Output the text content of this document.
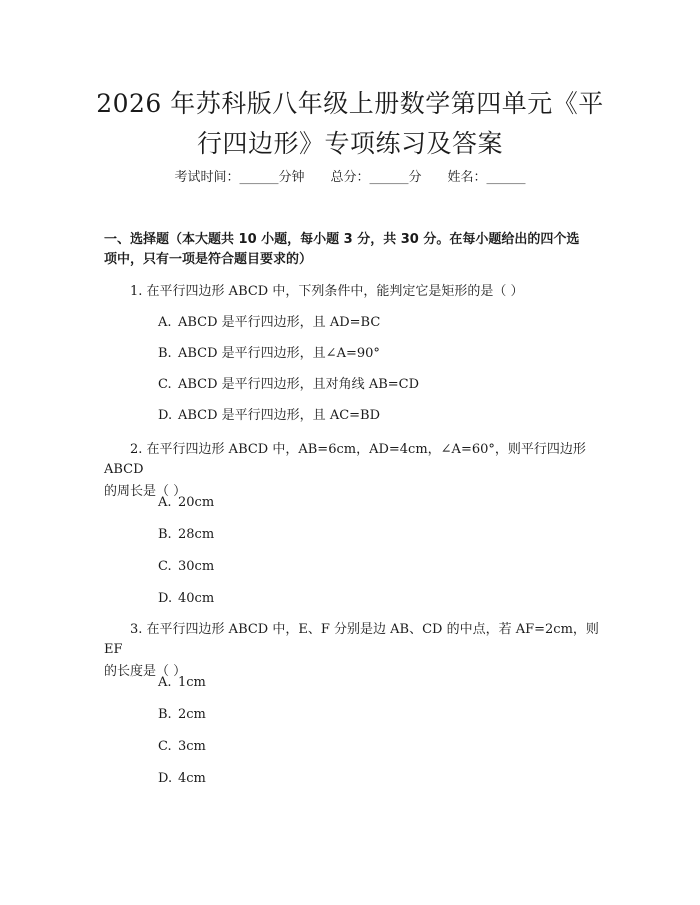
2026 年苏科版八年级上册数学第四单元《平
行四边形》专项练习及答案
考试时间：______分钟 总分：______分 姓名：______
一、选择题（本大题共 10 小题，每小题 3 分，共 30 分。在每小题给出的四个选
项中，只有一项是符合题目要求的）
1. 在平行四边形 ABCD 中，下列条件中，能判定它是矩形的是（ ）
A. ABCD 是平行四边形，且 AD=BC
B. ABCD 是平行四边形，且∠A=90°
C. ABCD 是平行四边形，且对角线 AB=CD
D. ABCD 是平行四边形，且 AC=BD
2. 在平行四边形 ABCD 中，AB=6cm，AD=4cm，∠A=60°，则平行四边形 ABCD
的周长是（ ）
A. 20cm
B. 28cm
C. 30cm
D. 40cm
3. 在平行四边形 ABCD 中，E、F 分别是边 AB、CD 的中点，若 AF=2cm，则 EF
的长度是（ ）
A. 1cm
B. 2cm
C. 3cm
D. 4cm
